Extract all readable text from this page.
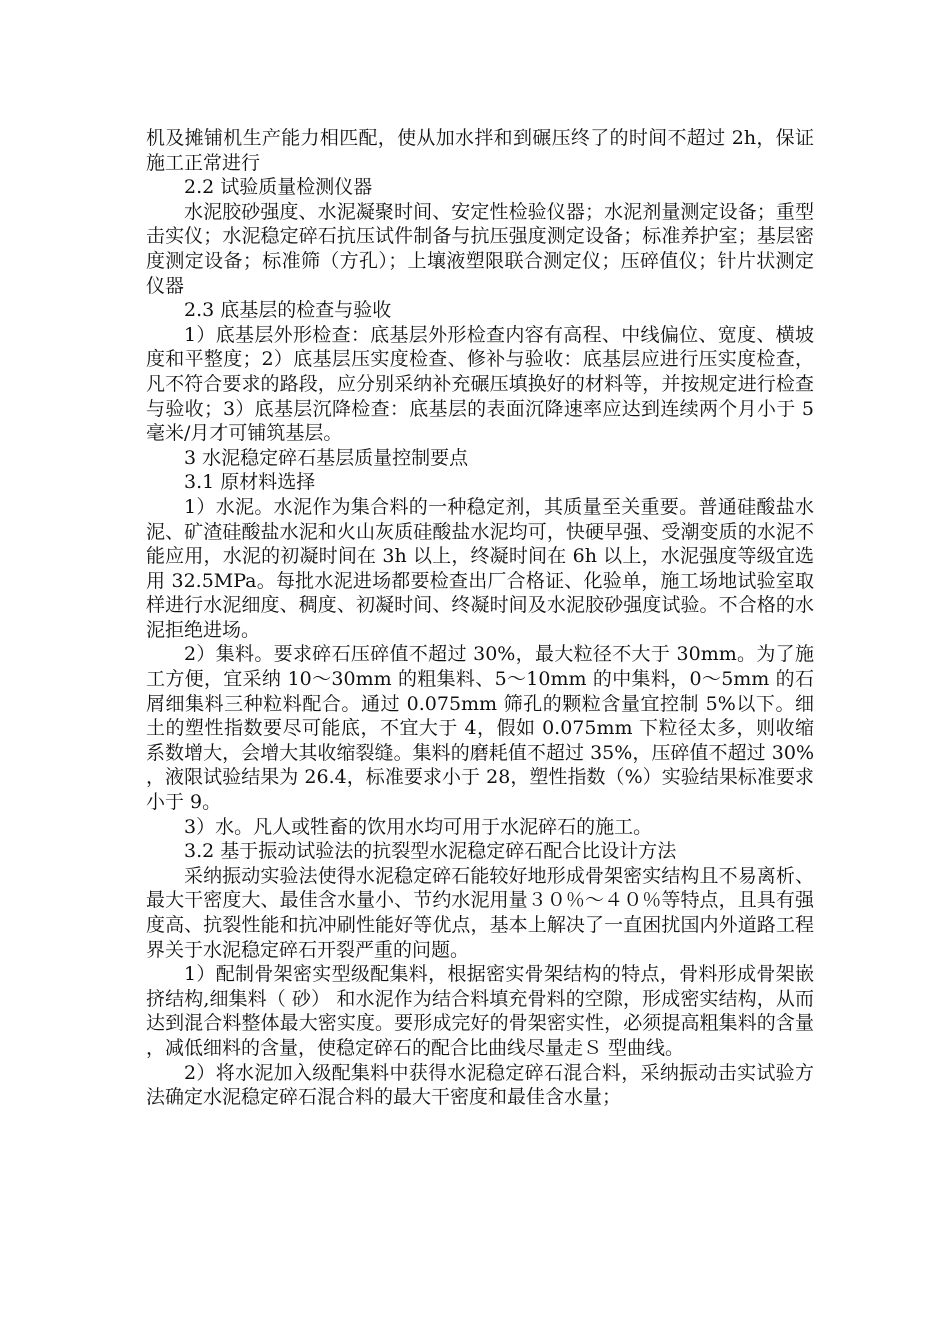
机及摊铺机生产能力相匹配，使从加水拌和到碾压终了的时间不超过 2h，保证施工正常进行

2.2 试验质量检测仪器

水泥胶砂强度、水泥凝聚时间、安定性检验仪器；水泥剂量测定设备；重型击实仪；水泥稳定碎石抗压试件制备与抗压强度测定设备；标准养护室；基层密度测定设备；标准筛（方孔）；上壤液塑限联合测定仪；压碎值仪；针片状测定仪器

2.3 底基层的检查与验收

1）底基层外形检查：底基层外形检查内容有高程、中线偏位、宽度、横坡度和平整度；2）底基层压实度检查、修补与验收：底基层应进行压实度检查，凡不符合要求的路段，应分别采纳补充碾压填换好的材料等，并按规定进行检查与验收；3）底基层沉降检查：底基层的表面沉降速率应达到连续两个月小于 5 毫米/月才可铺筑基层。

3 水泥稳定碎石基层质量控制要点

3.1 原材料选择

1）水泥。水泥作为集合料的一种稳定剂，其质量至关重要。普通硅酸盐水泥、矿渣硅酸盐水泥和火山灰质硅酸盐水泥均可，快硬早强、受潮变质的水泥不能应用，水泥的初凝时间在 3h 以上，终凝时间在 6h 以上，水泥强度等级宜选用 32.5MPa。每批水泥进场都要检查出厂合格证、化验单，施工场地试验室取样进行水泥细度、稠度、初凝时间、终凝时间及水泥胶砂强度试验。不合格的水泥拒绝进场。

2）集料。要求碎石压碎值不超过 30%，最大粒径不大于 30mm。为了施工方便，宜采纳 10～30mm 的粗集料、5～10mm 的中集料，0～5mm 的石屑细集料三种粒料配合。通过 0.075mm 筛孔的颗粒含量宜控制 5%以下。细土的塑性指数要尽可能底，不宜大于 4，假如 0.075mm 下粒径太多，则收缩系数增大，会增大其收缩裂缝。集料的磨耗值不超过 35%，压碎值不超过 30%，液限试验结果为 26.4，标准要求小于 28，塑性指数（%）实验结果标准要求小于 9。

3）水。凡人或牲畜的饮用水均可用于水泥碎石的施工。

3.2 基于振动试验法的抗裂型水泥稳定碎石配合比设计方法

采纳振动实验法使得水泥稳定碎石能较好地形成骨架密实结构且不易离析、最大干密度大、最佳含水量小、节约水泥用量３０％～４０％等特点，且具有强度高、抗裂性能和抗冲刷性能好等优点，基本上解决了一直困扰国内外道路工程界关于水泥稳定碎石开裂严重的问题。

1）配制骨架密实型级配集料，根据密实骨架结构的特点，骨料形成骨架嵌挤结构,细集料（ 砂） 和水泥作为结合料填充骨料的空隙，形成密实结构，从而达到混合料整体最大密实度。要形成完好的骨架密实性，必须提高粗集料的含量，减低细料的含量，使稳定碎石的配合比曲线尽量走Ｓ 型曲线。

2）将水泥加入级配集料中获得水泥稳定碎石混合料，采纳振动击实试验方法确定水泥稳定碎石混合料的最大干密度和最佳含水量；
